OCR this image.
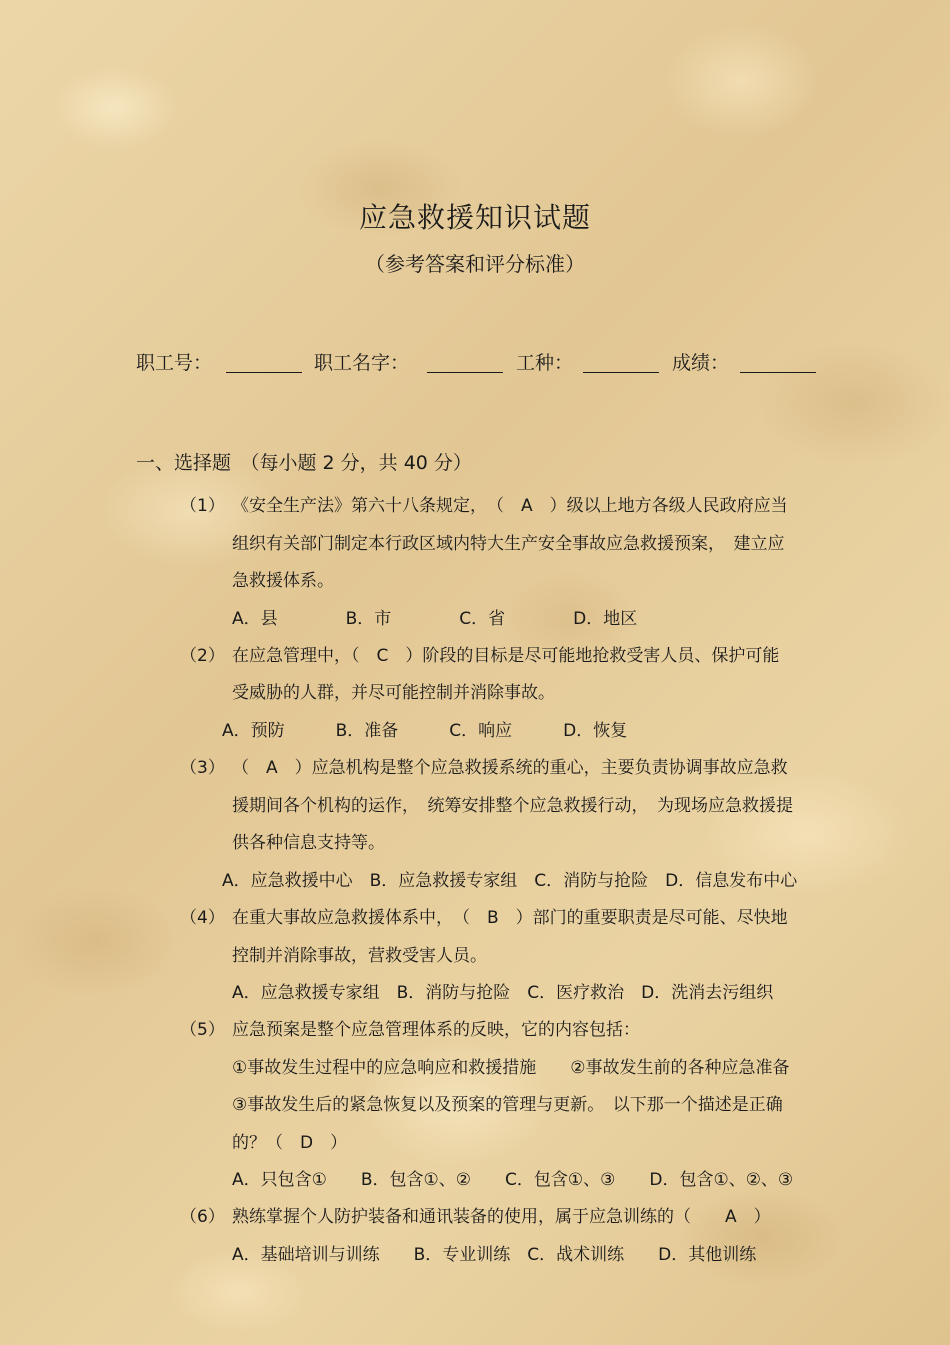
应急救援知识试题
（参考答案和评分标准）
职工号：	职工名字：	工种：	成绩：
一、选择题　（每小题 2 分，共 40 分）
（1） 《安全生产法》第六十八条规定，　（　A　）级以上地方各级人民政府应当
组织有关部门制定本行政区域内特大生产安全事故应急救援预案，　建立应
急救援体系。
A．县　　　　B．市　　　　C．省　　　　D．地区
（2） 在应急管理中，（　C　）阶段的目标是尽可能地抢救受害人员、保护可能
受威胁的人群，并尽可能控制并消除事故。
A．预防　　　B．准备　　　C．响应　　　D．恢复
（3） （　A　）应急机构是整个应急救援系统的重心，主要负责协调事故应急救
援期间各个机构的运作，　统筹安排整个应急救援行动，　为现场应急救援提
供各种信息支持等。
A．应急救援中心　B．应急救援专家组　C．消防与抢险　D．信息发布中心
（4） 在重大事故应急救援体系中，　（　B　）部门的重要职责是尽可能、尽快地
控制并消除事故，营救受害人员。
A．应急救援专家组　B．消防与抢险　C．医疗救治　D．洗消去污组织
（5） 应急预案是整个应急管理体系的反映，它的内容包括：
①事故发生过程中的应急响应和救援措施　　②事故发生前的各种应急准备
③事故发生后的紧急恢复以及预案的管理与更新。　以下那一个描述是正确
的？（　D　）
A．只包含①　　B．包含①、②　　C．包含①、③　　D．包含①、②、③
（6） 熟练掌握个人防护装备和通讯装备的使用，属于应急训练的（　　A　）
A．基础培训与训练　　B．专业训练　C．战术训练　　D．其他训练
